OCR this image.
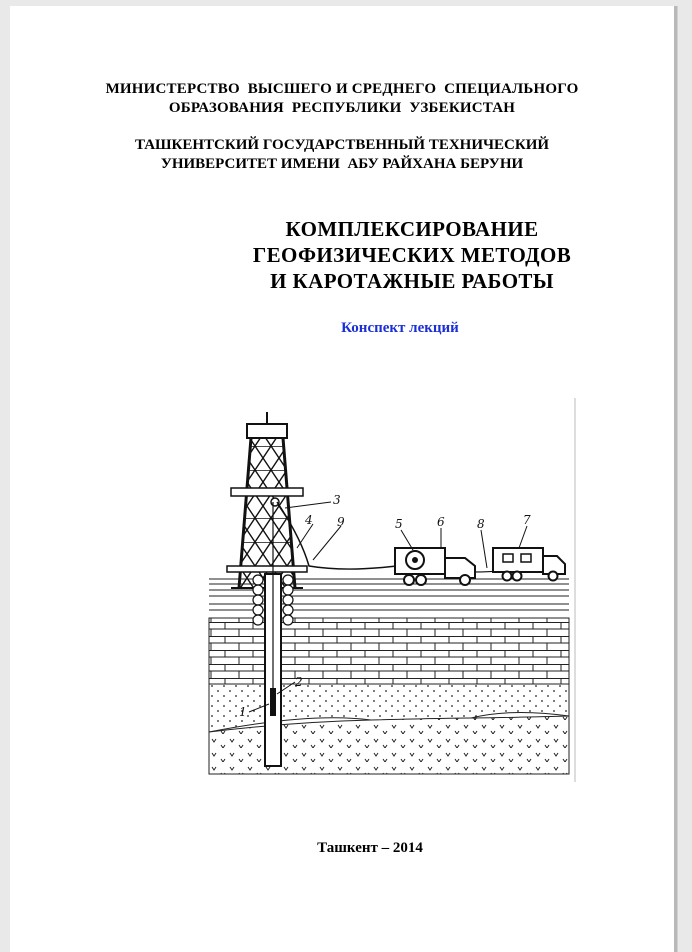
МИНИСТЕРСТВО  ВЫСШЕГО И СРЕДНЕГО  СПЕЦИАЛЬНОГО
ОБРАЗОВАНИЯ  РЕСПУБЛИКИ  УЗБЕКИСТАН
ТАШКЕНТСКИЙ ГОСУДАРСТВЕННЫЙ ТЕХНИЧЕСКИЙ
УНИВЕРСИТЕТ ИМЕНИ  АБУ РАЙХАНА БЕРУНИ
КОМПЛЕКСИРОВАНИЕ
ГЕОФИЗИЧЕСКИХ МЕТОДОВ
И КАРОТАЖНЫЕ РАБОТЫ
Конспект лекций
3
4 9	5	6	8	7
2
1
Ташкент – 2014
